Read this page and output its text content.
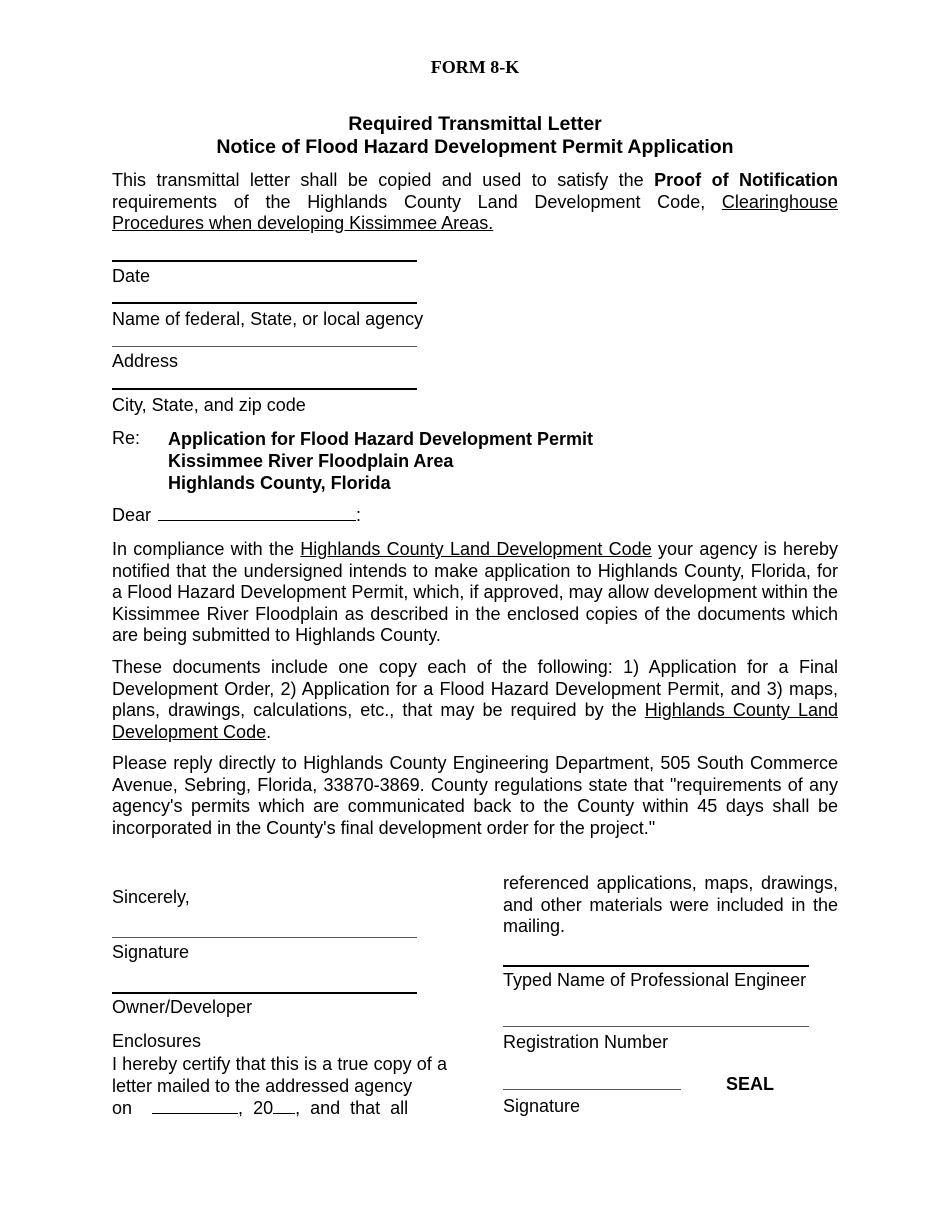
FORM 8-K
Required Transmittal Letter
Notice of Flood Hazard Development Permit Application
This transmittal letter shall be copied and used to satisfy the Proof of Notification requirements of the Highlands County Land Development Code, Clearinghouse Procedures when developing Kissimmee Areas.
Date
Name of federal, State, or local agency
Address
City, State, and zip code
Re: Application for Flood Hazard Development Permit
Kissimmee River Floodplain Area
Highlands County, Florida
Dear	:
In compliance with the Highlands County Land Development Code your agency is hereby notified that the undersigned intends to make application to Highlands County, Florida, for a Flood Hazard Development Permit, which, if approved, may allow development within the Kissimmee River Floodplain as described in the enclosed copies of the documents which are being submitted to Highlands County.
These documents include one copy each of the following: 1) Application for a Final Development Order, 2) Application for a Flood Hazard Development Permit, and 3) maps, plans, drawings, calculations, etc., that may be required by the Highlands County Land Development Code.
Please reply directly to Highlands County Engineering Department, 505 South Commerce Avenue, Sebring, Florida, 33870-3869. County regulations state that "requirements of any agency's permits which are communicated back to the County within 45 days shall be incorporated in the County's final development order for the project."
Sincerely,
Signature
Owner/Developer
Enclosures
I hereby certify that this is a true copy of a letter mailed to the addressed agency
on	, 20 ,  and  that  all
referenced applications, maps, drawings, and other materials were included in the mailing.
Typed Name of Professional Engineer
Registration Number
SEAL
Signature
